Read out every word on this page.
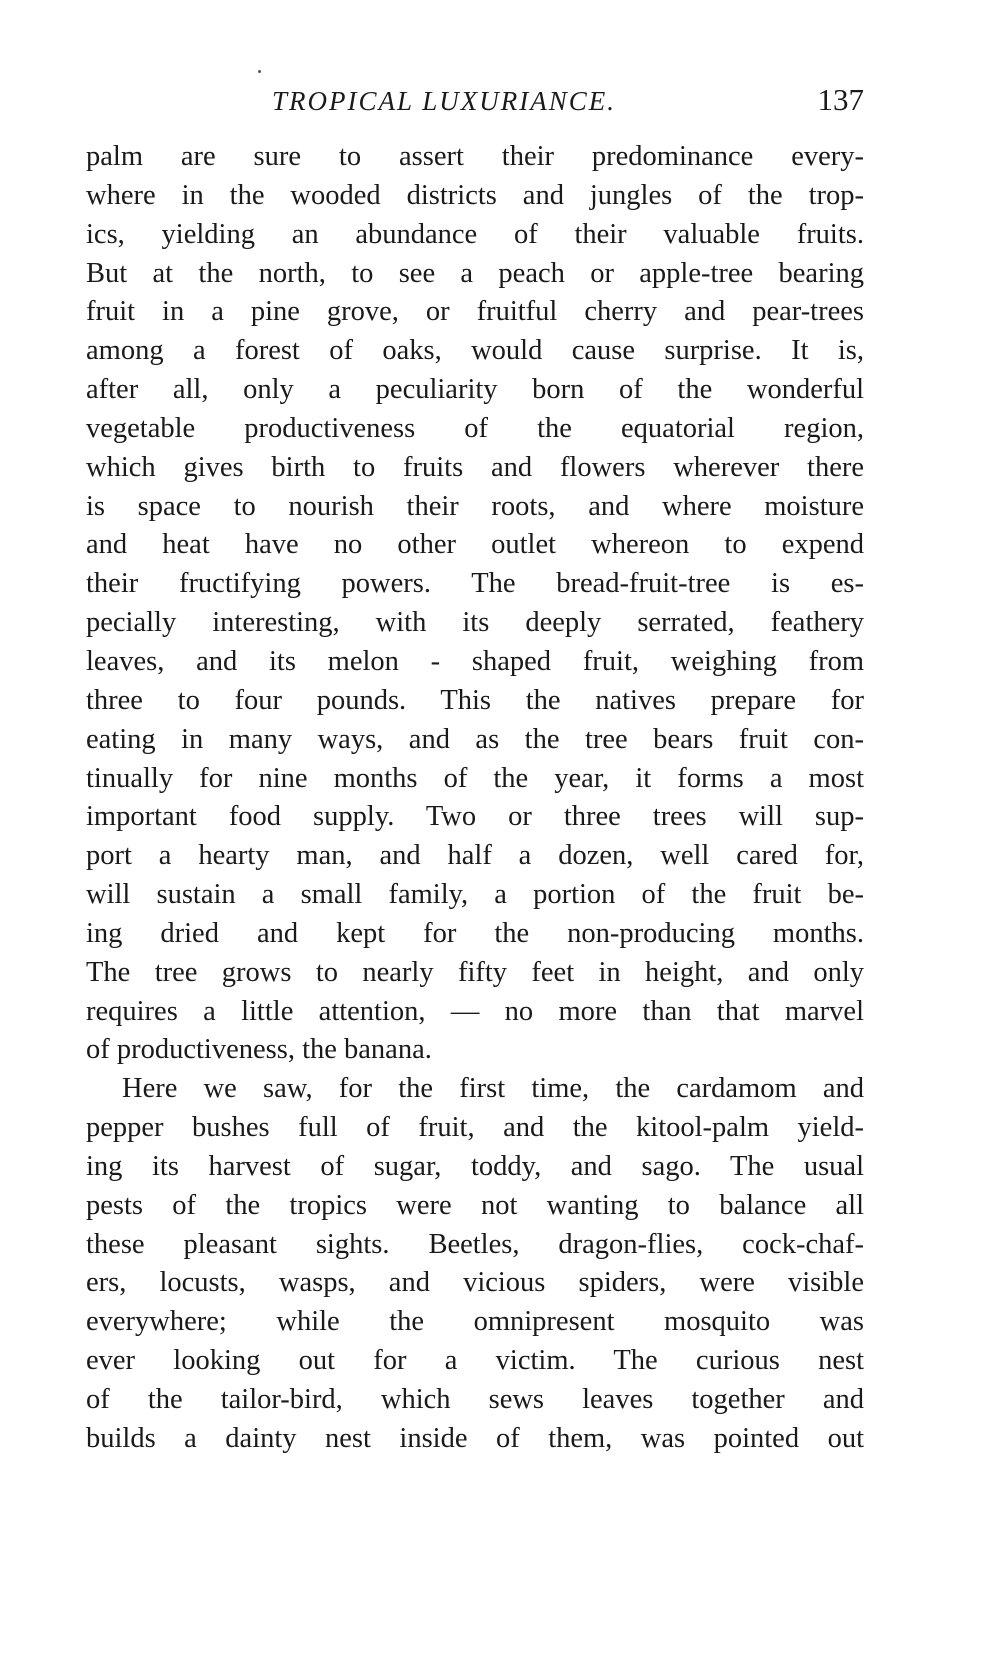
TROPICAL LUXURIANCE.	137
palm are sure to assert their predominance every-
where in the wooded districts and jungles of the trop-
ics, yielding an abundance of their valuable fruits.
But at the north, to see a peach or apple-tree bearing
fruit in a pine grove, or fruitful cherry and pear-trees
among a forest of oaks, would cause surprise. It is,
after all, only a peculiarity born of the wonderful
vegetable productiveness of the equatorial region,
which gives birth to fruits and flowers wherever there
is space to nourish their roots, and where moisture
and heat have no other outlet whereon to expend
their fructifying powers. The bread-fruit-tree is es-
pecially interesting, with its deeply serrated, feathery
leaves, and its melon - shaped fruit, weighing from
three to four pounds. This the natives prepare for
eating in many ways, and as the tree bears fruit con-
tinually for nine months of the year, it forms a most
important food supply. Two or three trees will sup-
port a hearty man, and half a dozen, well cared for,
will sustain a small family, a portion of the fruit be-
ing dried and kept for the non-producing months.
The tree grows to nearly fifty feet in height, and only
requires a little attention, — no more than that marvel
of productiveness, the banana.
Here we saw, for the first time, the cardamom and
pepper bushes full of fruit, and the kitool-palm yield-
ing its harvest of sugar, toddy, and sago. The usual
pests of the tropics were not wanting to balance all
these pleasant sights. Beetles, dragon-flies, cock-chaf-
ers, locusts, wasps, and vicious spiders, were visible
everywhere; while the omnipresent mosquito was
ever looking out for a victim. The curious nest
of the tailor-bird, which sews leaves together and
builds a dainty nest inside of them, was pointed out
